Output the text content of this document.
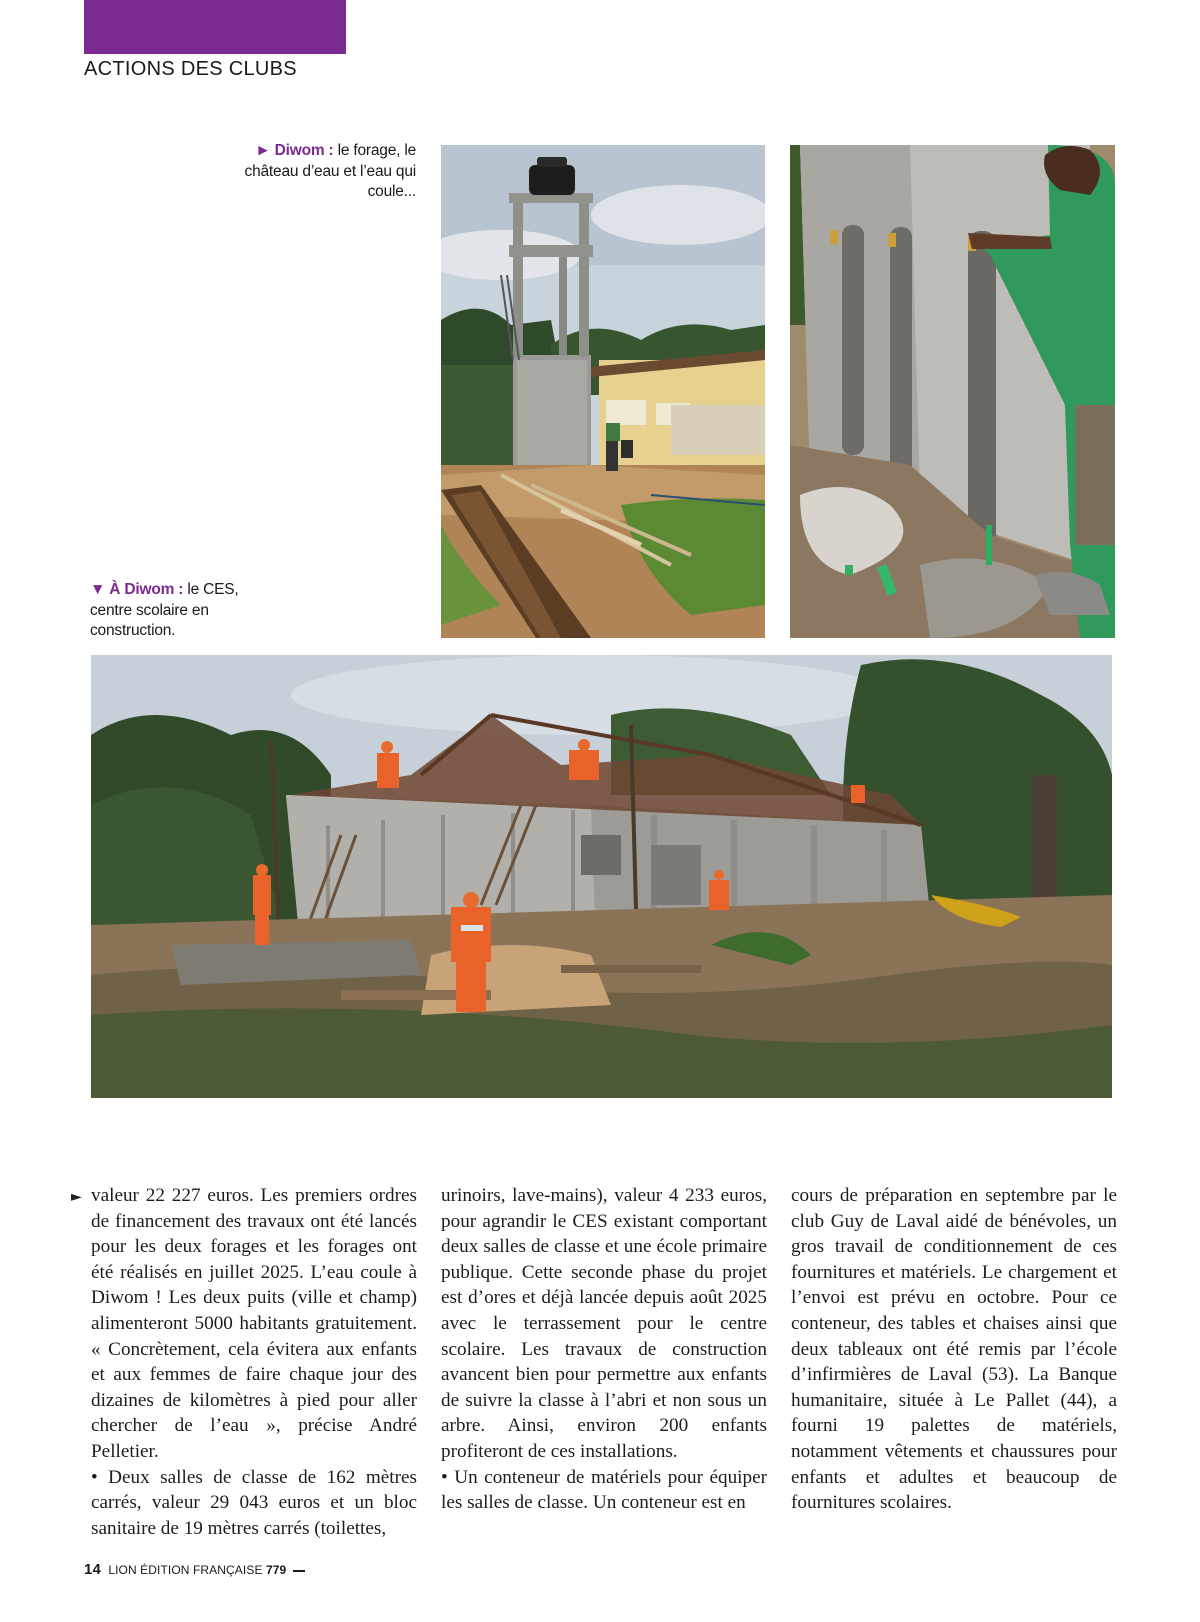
ACTIONS DES CLUBS
► Diwom : le forage, le château d’eau et l’eau qui coule...
▼ À Diwom : le CES, centre scolaire en construction.
► valeur 22 227 euros. Les premiers ordres de financement des travaux ont été lancés pour les deux forages et les forages ont été réalisés en juillet 2025. L’eau coule à Diwom ! Les deux puits (ville et champ) alimenteront 5000 habitants gratuitement. « Concrètement, cela évitera aux enfants et aux femmes de faire chaque jour des dizaines de kilomètres à pied pour aller chercher de l’eau », précise André Pelletier.

• Deux salles de classe de 162 mètres carrés, valeur 29 043 euros et un bloc sanitaire de 19 mètres carrés (toilettes,

urinoirs, lave-mains), valeur 4 233 euros, pour agrandir le CES existant comportant deux salles de classe et une école primaire publique. Cette seconde phase du projet est d’ores et déjà lancée depuis août 2025 avec le terrassement pour le centre scolaire. Les travaux de construction avancent bien pour permettre aux enfants de suivre la classe à l’abri et non sous un arbre. Ainsi, environ 200 enfants profiteront de ces installations.

• Un conteneur de matériels pour équiper les salles de classe. Un conteneur est en

cours de préparation en septembre par le club Guy de Laval aidé de bénévoles, un gros travail de conditionnement de ces fournitures et matériels. Le chargement et l’envoi est prévu en octobre. Pour ce conteneur, des tables et chaises ainsi que deux tableaux ont été remis par l’école d’infirmières de Laval (53). La Banque humanitaire, située à Le Pallet (44), a fourni 19 palettes de matériels, notamment vêtements et chaussures pour enfants et adultes et beaucoup de fournitures scolaires.

14 LION ÉDITION FRANÇAISE 779
